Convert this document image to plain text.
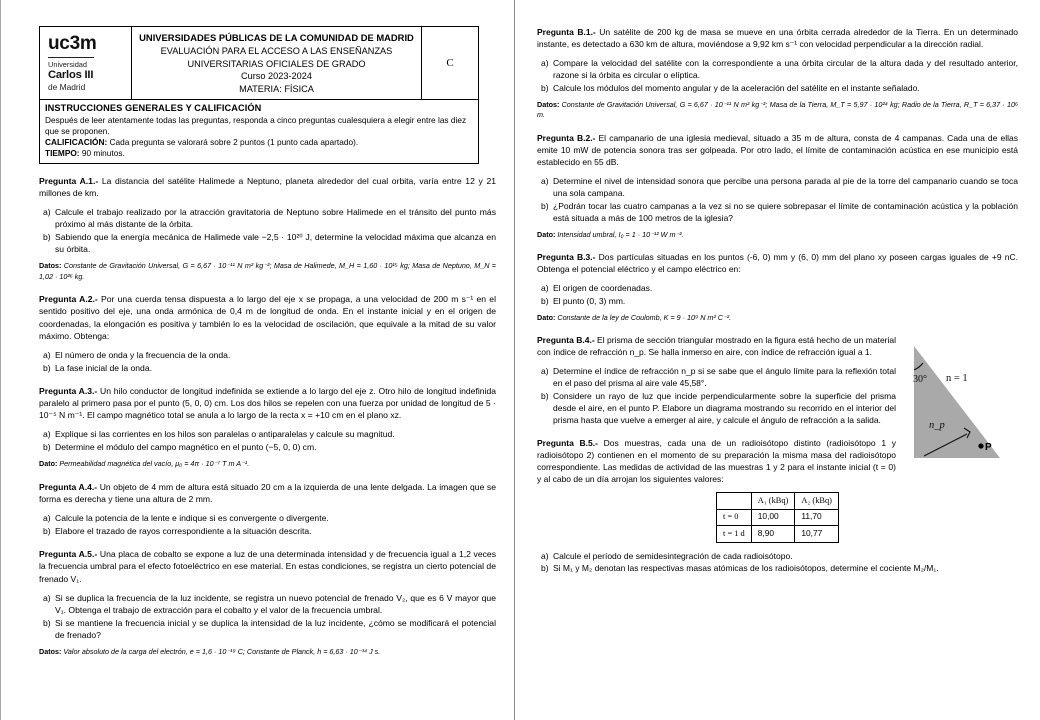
uc3m
Universidad
Carlos III
de Madrid
UNIVERSIDADES PÚBLICAS DE LA COMUNIDAD DE MADRID
EVALUACIÓN PARA EL ACCESO A LAS ENSEÑANZAS
UNIVERSITARIAS OFICIALES DE GRADO
Curso 2023-2024
MATERIA: FÍSICA
C
INSTRUCCIONES GENERALES Y CALIFICACIÓN
Después de leer atentamente todas las preguntas, responda a cinco preguntas cualesquiera a elegir entre las diez que se proponen.
CALIFICACIÓN: Cada pregunta se valorará sobre 2 puntos (1 punto cada apartado).
TIEMPO: 90 minutos.
Pregunta A.1.- La distancia del satélite Halimede a Neptuno, planeta alrededor del cual orbita, varía entre 12 y 21 millones de km.
a) Calcule el trabajo realizado por la atracción gravitatoria de Neptuno sobre Halimede en el tránsito del punto más próximo al más distante de la órbita.
b) Sabiendo que la energía mecánica de Halimede vale −2,5 · 10²⁰ J, determine la velocidad máxima que alcanza en su órbita.
Datos: Constante de Gravitación Universal, G = 6,67 · 10⁻¹¹ N m² kg⁻²; Masa de Halimede, M_H = 1,60 · 10¹⁵ kg; Masa de Neptuno, M_N = 1,02 · 10²⁶ kg.
Pregunta A.2.- Por una cuerda tensa dispuesta a lo largo del eje x se propaga, a una velocidad de 200 m s⁻¹ en el sentido positivo del eje, una onda armónica de 0,4 m de longitud de onda. En el instante inicial y en el origen de coordenadas, la elongación es positiva y también lo es la velocidad de oscilación, que equivale a la mitad de su valor máximo. Obtenga:
a) El número de onda y la frecuencia de la onda.
b) La fase inicial de la onda.
Pregunta A.3.- Un hilo conductor de longitud indefinida se extiende a lo largo del eje z. Otro hilo de longitud indefinida paralelo al primero pasa por el punto (5, 0, 0) cm. Los dos hilos se repelen con una fuerza por unidad de longitud de 5 · 10⁻⁵ N m⁻¹. El campo magnético total se anula a lo largo de la recta x = +10 cm en el plano xz.
a) Explique si las corrientes en los hilos son paralelas o antiparalelas y calcule su magnitud.
b) Determine el módulo del campo magnético en el punto (−5, 0, 0) cm.
Dato: Permeabilidad magnética del vacío, μ₀ = 4π · 10⁻⁷ T m A⁻¹.
Pregunta A.4.- Un objeto de 4 mm de altura está situado 20 cm a la izquierda de una lente delgada. La imagen que se forma es derecha y tiene una altura de 2 mm.
a) Calcule la potencia de la lente e indique si es convergente o divergente.
b) Elabore el trazado de rayos correspondiente a la situación descrita.
Pregunta A.5.- Una placa de cobalto se expone a luz de una determinada intensidad y de frecuencia igual a 1,2 veces la frecuencia umbral para el efecto fotoeléctrico en ese material. En estas condiciones, se registra un cierto potencial de frenado V₁.
a) Si se duplica la frecuencia de la luz incidente, se registra un nuevo potencial de frenado V₂, que es 6 V mayor que V₁. Obtenga el trabajo de extracción para el cobalto y el valor de la frecuencia umbral.
b) Si se mantiene la frecuencia inicial y se duplica la intensidad de la luz incidente, ¿cómo se modificará el potencial de frenado?
Datos: Valor absoluto de la carga del electrón, e = 1,6 · 10⁻¹⁹ C; Constante de Planck, h = 6,63 · 10⁻³⁴ J s.
Pregunta B.1.- Un satélite de 200 kg de masa se mueve en una órbita cerrada alrededor de la Tierra. En un determinado instante, es detectado a 630 km de altura, moviéndose a 9,92 km s⁻¹ con velocidad perpendicular a la dirección radial.
a) Compare la velocidad del satélite con la correspondiente a una órbita circular de la altura dada y del resultado anterior, razone si la órbita es circular o elíptica.
b) Calcule los módulos del momento angular y de la aceleración del satélite en el instante señalado.
Datos: Constante de Gravitación Universal, G = 6,67 · 10⁻¹¹ N m² kg⁻²; Masa de la Tierra, M_T = 5,97 · 10²⁴ kg; Radio de la Tierra, R_T = 6,37 · 10⁶ m.
Pregunta B.2.- El campanario de una iglesia medieval, situado a 35 m de altura, consta de 4 campanas. Cada una de ellas emite 10 mW de potencia sonora tras ser golpeada. Por otro lado, el límite de contaminación acústica en ese municipio está establecido en 55 dB.
a) Determine el nivel de intensidad sonora que percibe una persona parada al pie de la torre del campanario cuando se toca una sola campana.
b) ¿Podrán tocar las cuatro campanas a la vez si no se quiere sobrepasar el límite de contaminación acústica y la población está situada a más de 100 metros de la iglesia?
Dato: Intensidad umbral, I₀ = 1 · 10⁻¹² W m⁻².
Pregunta B.3.- Dos partículas situadas en los puntos (-6, 0) mm y (6, 0) mm del plano xy poseen cargas iguales de +9 nC. Obtenga el potencial eléctrico y el campo eléctrico en:
a) El origen de coordenadas.
b) El punto (0, 3) mm.
Dato: Constante de la ley de Coulomb, K = 9 · 10⁹ N m² C⁻².
30° n = 1
n_p
P
Pregunta B.4.- El prisma de sección triangular mostrado en la figura está hecho de un material con índice de refracción n_p. Se halla inmerso en aire, con índice de refracción igual a 1.
a) Determine el índice de refracción n_p si se sabe que el ángulo límite para la reflexión total en el paso del prisma al aire vale 45,58°.
b) Considere un rayo de luz que incide perpendicularmente sobre la superficie del prisma desde el aire, en el punto P. Elabore un diagrama mostrando su recorrido en el interior del prisma hasta que vuelve a emerger al aire, y calcule el ángulo de refracción a la salida.
Pregunta B.5.- Dos muestras, cada una de un radioisótopo distinto (radioisótopo 1 y radioisótopo 2) contienen en el momento de su preparación la misma masa del radioisótopo correspondiente. Las medidas de actividad de las muestras 1 y 2 para el instante inicial (t = 0) y al cabo de un día arrojan los siguientes valores:
	A₁ (kBq)	A₂ (kBq)
t = 0	10,00	11,70
t = 1 d	8,90	10,77
a) Calcule el período de semidesintegración de cada radioisótopo.
b) Si M₁ y M₂ denotan las respectivas masas atómicas de los radioisótopos, determine el cociente M₂/M₁.
